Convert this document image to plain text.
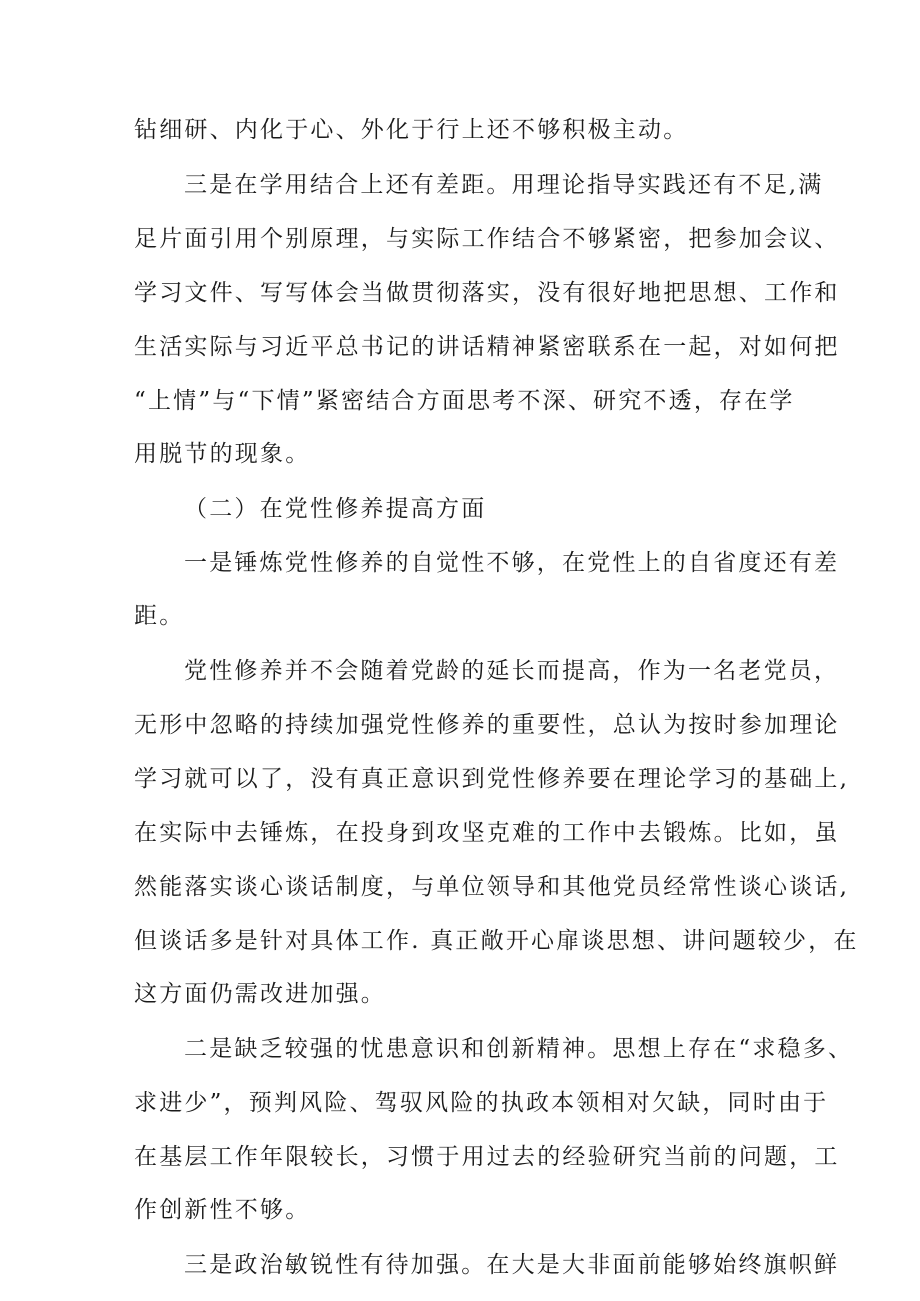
钻细研、内化于心、外化于行上还不够积极主动。
三是在学用结合上还有差距。用理论指导实践还有不足,满
足片面引用个别原理，与实际工作结合不够紧密，把参加会议、
学习文件、写写体会当做贯彻落实，没有很好地把思想、工作和
生活实际与习近平总书记的讲话精神紧密联系在一起，对如何把
“上情”与“下情”紧密结合方面思考不深、研究不透，存在学
用脱节的现象。
（二）在党性修养提高方面
一是锤炼党性修养的自觉性不够，在党性上的自省度还有差
距。
党性修养并不会随着党龄的延长而提高，作为一名老党员，
无形中忽略的持续加强党性修养的重要性，总认为按时参加理论
学习就可以了，没有真正意识到党性修养要在理论学习的基础上,
在实际中去锤炼，在投身到攻坚克难的工作中去锻炼。比如，虽
然能落实谈心谈话制度，与单位领导和其他党员经常性谈心谈话,
但谈话多是针对具体工作. 真正敞开心扉谈思想、讲问题较少，在
这方面仍需改进加强。
二是缺乏较强的忧患意识和创新精神。思想上存在“求稳多、
求进少”，预判风险、驾驭风险的执政本领相对欠缺，同时由于
在基层工作年限较长，习惯于用过去的经验研究当前的问题，工
作创新性不够。
三是政治敏锐性有待加强。在大是大非面前能够始终旗帜鲜
